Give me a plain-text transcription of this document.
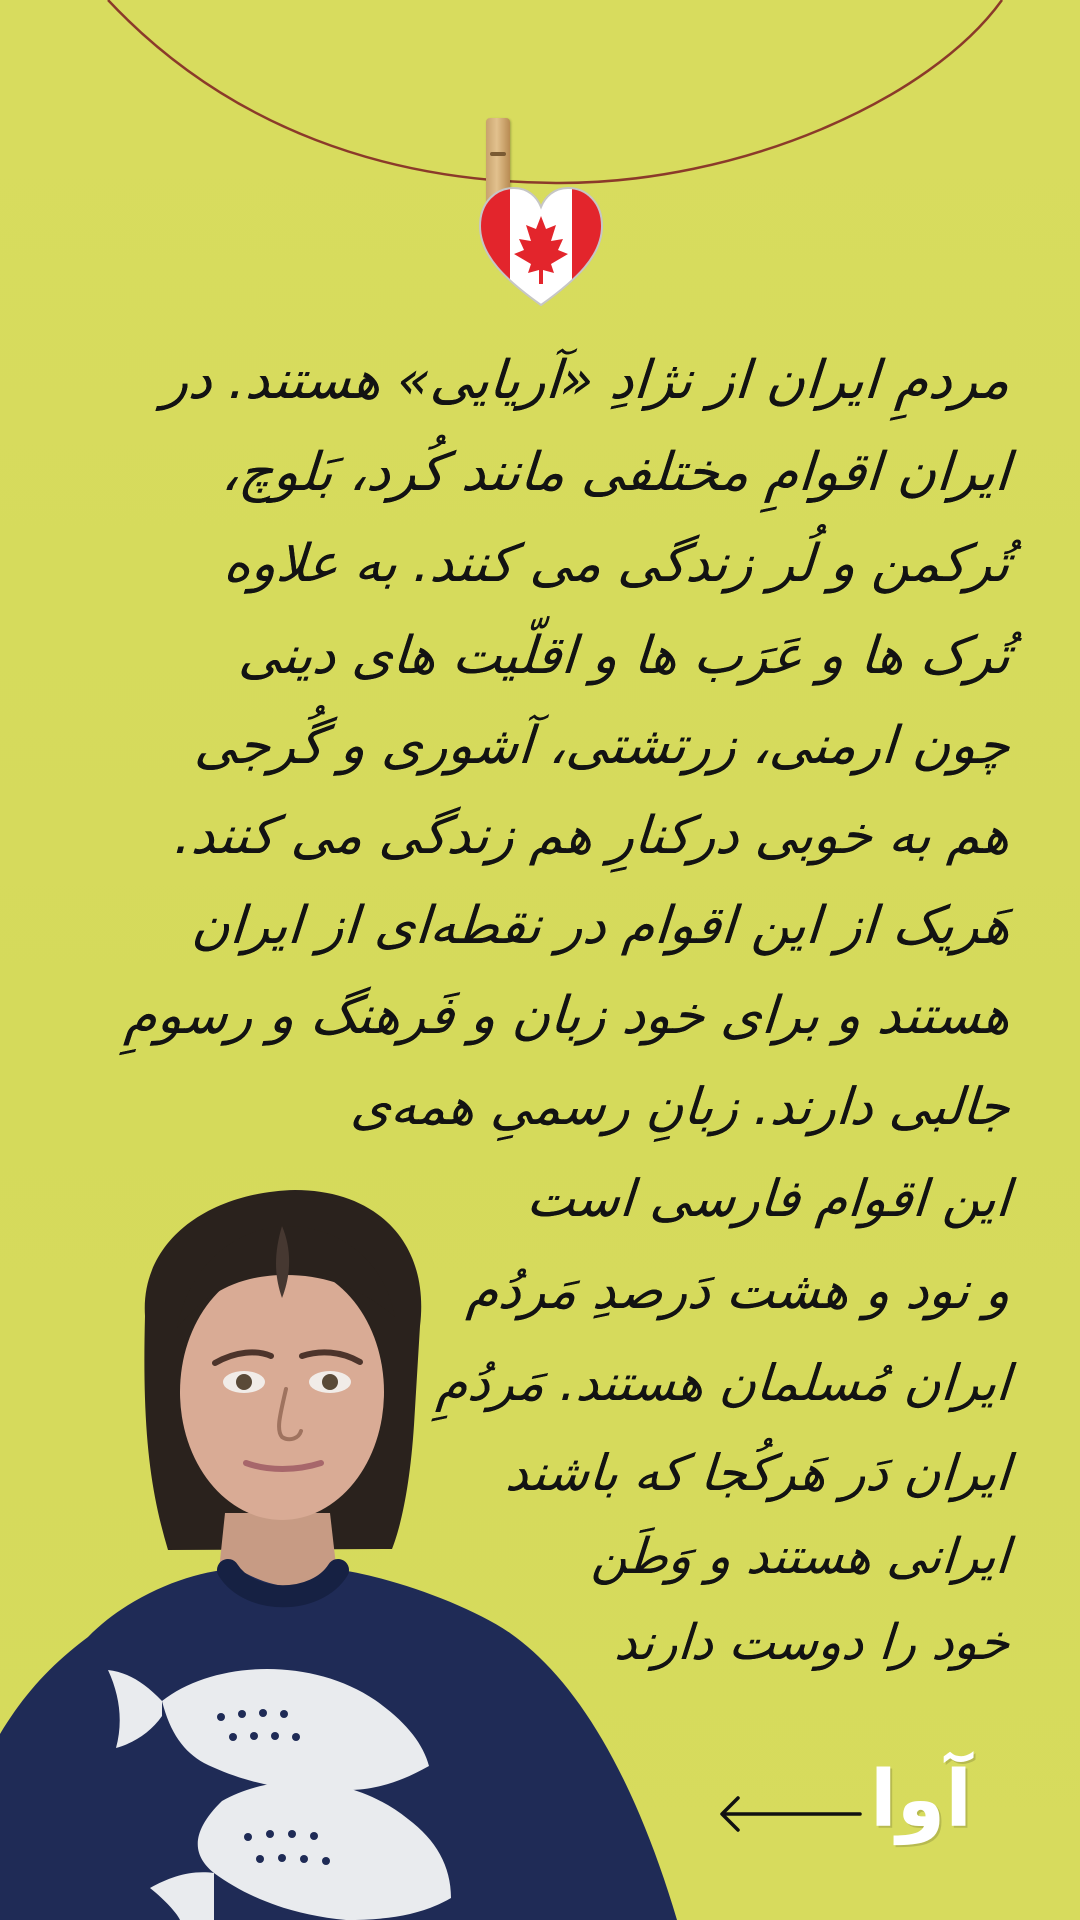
مردمِ ایران از نژادِ «آریایی» هستند. در
ایران اقوامِ مختلفی مانند کُرد، بَلوچ،
تُرکمن و لُر زندگی می کنند. به علاوه
تُرک ها و عَرَب ها و اقلّیت های دینی
چون ارمنی، زرتشتی، آشوری و گُرجی
هم به خوبی درکنارِ هم زندگی می کنند.
هَریک از این اقوام در نقطه‌ای از ایران
هستند و برای خود زبان و فَرهنگ و رسومِ
جالبی دارند. زبانِ رسمیِ همه‌ی
این اقوام فارسی است
و نود و هشت دَرصدِ مَردُم
ایران مُسلمان هستند. مَردُمِ
ایران دَر هَرکُجا که باشند
ایرانی هستند و وَطَن
خود را دوست دارند
آوا
